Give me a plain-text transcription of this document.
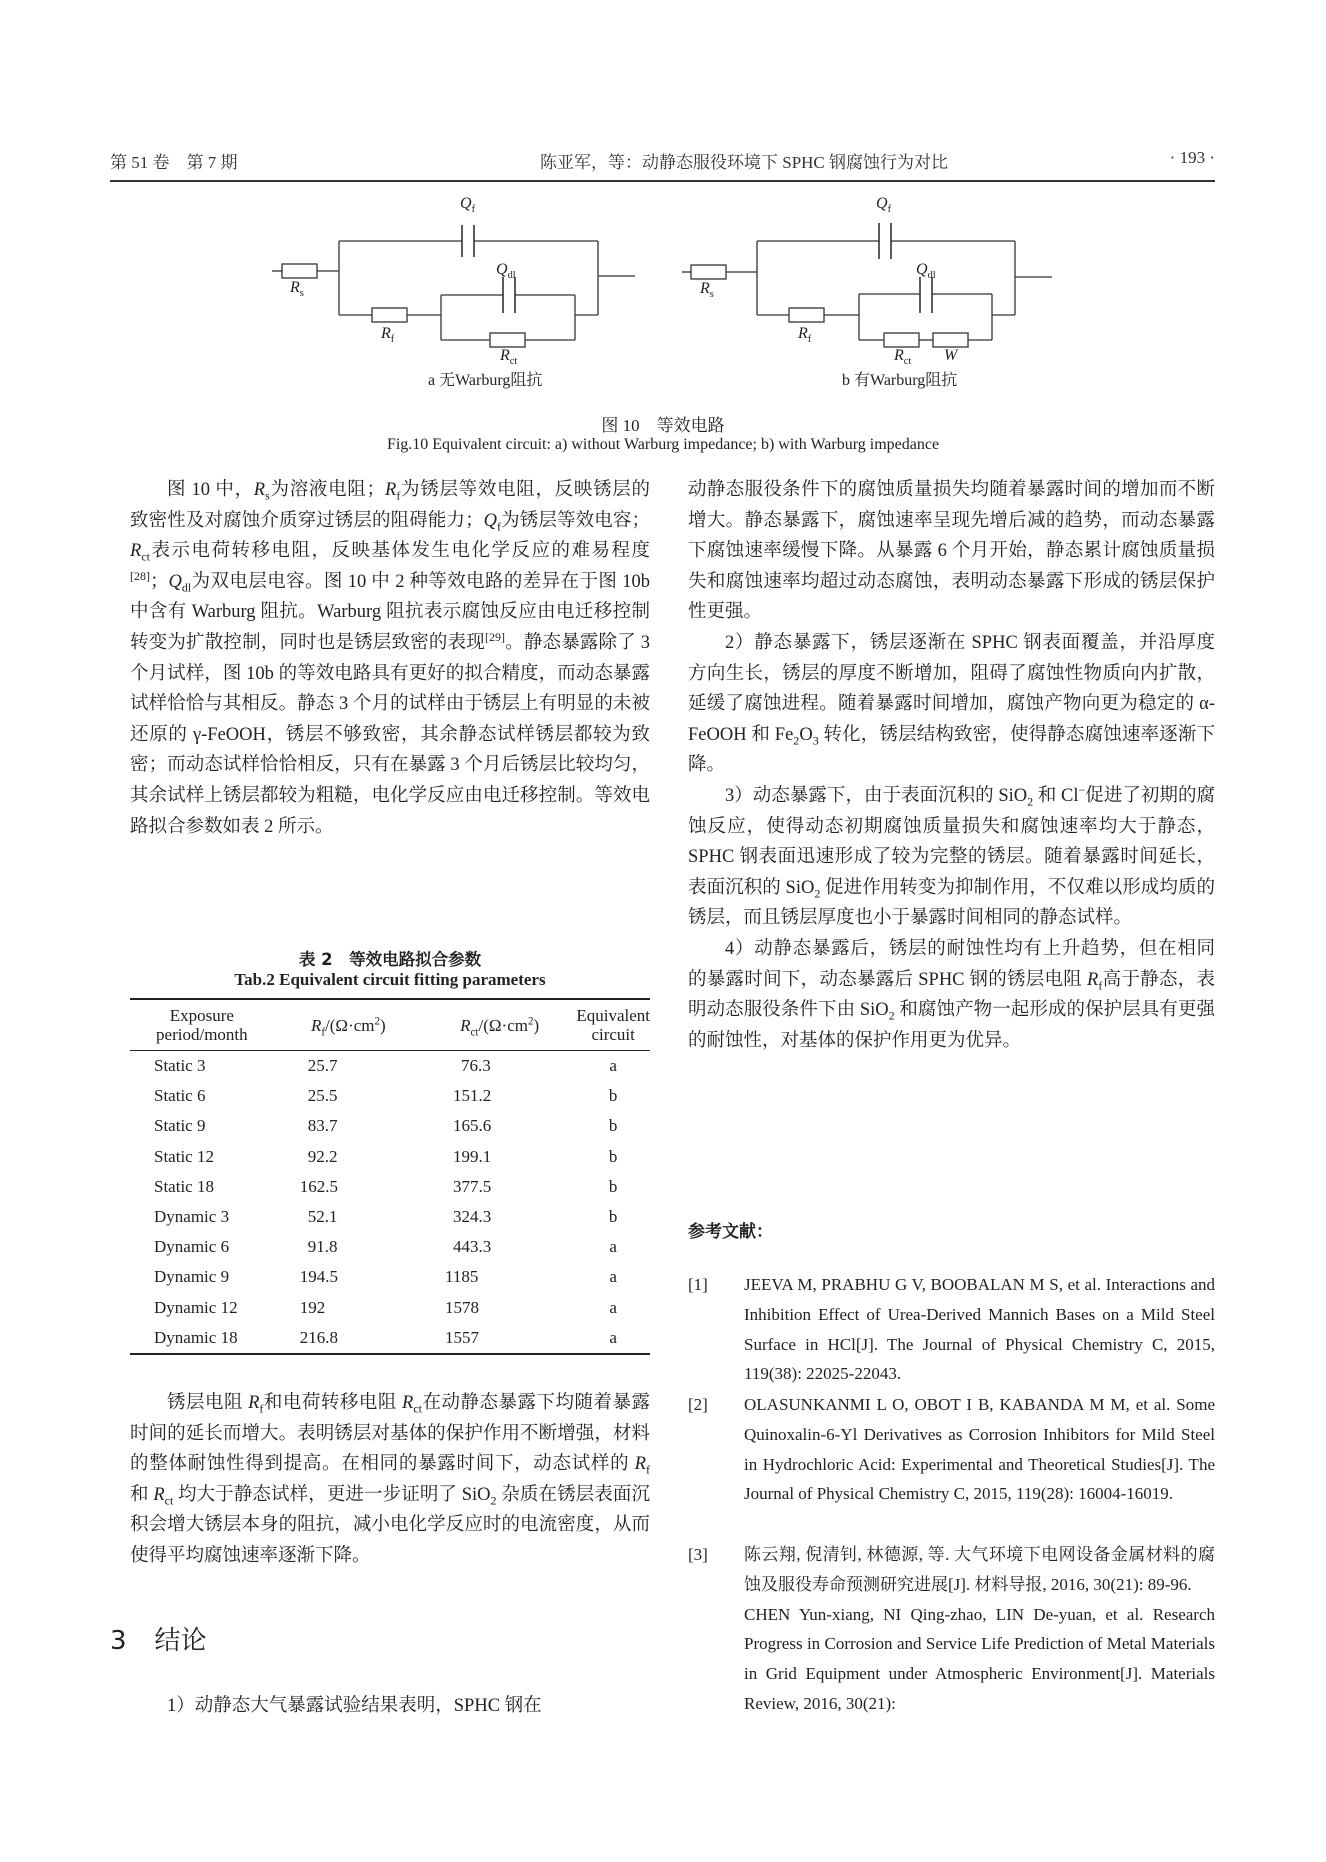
第 51 卷　第 7 期	陈亚军，等：动静态服役环境下 SPHC 钢腐蚀行为对比	· 193 ·
$Q_f$
$R_s$
$Q_{dl}$
$R_f$
$R_{ct}$
a 无Warburg阻抗
$Q_f$
$R_s$
$Q_{dl}$
$R_f$
$R_{ct}$ W
b 有Warburg阻抗
图 10　等效电路
Fig.10 Equivalent circuit: a) without Warburg impedance; b) with Warburg impedance

图 10 中，$R_s$为溶液电阻；$R_f$为锈层等效电阻，反映锈层的致密性及对腐蚀介质穿过锈层的阻碍能力；$Q_f$为锈层等效电容；$R_{ct}$表示电荷转移电阻，反映基体发生电化学反应的难易程度[28]；$Q_{dl}$为双电层电容。图 10 中 2 种等效电路的差异在于图 10b 中含有 Warburg 阻抗。Warburg 阻抗表示腐蚀反应由电迁移控制转变为扩散控制，同时也是锈层致密的表现[29]。静态暴露除了 3 个月试样，图 10b 的等效电路具有更好的拟合精度，而动态暴露试样恰恰与其相反。静态 3 个月的试样由于锈层上有明显的未被还原的 γ-FeOOH，锈层不够致密，其余静态试样锈层都较为致密；而动态试样恰恰相反，只有在暴露 3 个月后锈层比较均匀，其余试样上锈层都较为粗糙，电化学反应由电迁移控制。等效电路拟合参数如表 2 所示。

表 2　等效电路拟合参数
Tab.2 Equivalent circuit fitting parameters
Exposure
period/month	$R_f/(\Omega\cdot cm^2)$	$R_{ct}/(\Omega\cdot cm^2)$	Equivalent
circuit
Static 3	25.7	76.3	a
Static 6	25.5	151.2	b
Static 9	83.7	165.6	b
Static 12	92.2	199.1	b
Static 18	162.5	377.5	b
Dynamic 3	52.1	324.3	b
Dynamic 6	91.8	443.3	a
Dynamic 9	194.5	1185	a
Dynamic 12	192	1578	a
Dynamic 18	216.8	1557	a

锈层电阻 $R_f$和电荷转移电阻 $R_{ct}$在动静态暴露下均随着暴露时间的延长而增大。表明锈层对基体的保护作用不断增强，材料的整体耐蚀性得到提高。在相同的暴露时间下，动态试样的 $R_f$ 和 $R_{ct}$ 均大于静态试样，更进一步证明了 SiO$_2$ 杂质在锈层表面沉积会增大锈层本身的阻抗，减小电化学反应时的电流密度，从而使得平均腐蚀速率逐渐下降。

3 结论

1）动静态大气暴露试验结果表明，SPHC 钢在

动静态服役条件下的腐蚀质量损失均随着暴露时间的增加而不断增大。静态暴露下，腐蚀速率呈现先增后减的趋势，而动态暴露下腐蚀速率缓慢下降。从暴露 6 个月开始，静态累计腐蚀质量损失和腐蚀速率均超过动态腐蚀，表明动态暴露下形成的锈层保护性更强。

2）静态暴露下，锈层逐渐在 SPHC 钢表面覆盖，并沿厚度方向生长，锈层的厚度不断增加，阻碍了腐蚀性物质向内扩散，延缓了腐蚀进程。随着暴露时间增加，腐蚀产物向更为稳定的 α-FeOOH 和 $Fe_2O_3$ 转化，锈层结构致密，使得静态腐蚀速率逐渐下降。

3）动态暴露下，由于表面沉积的 SiO$_2$ 和 Cl−促进了初期的腐蚀反应，使得动态初期腐蚀质量损失和腐蚀速率均大于静态，SPHC 钢表面迅速形成了较为完整的锈层。随着暴露时间延长，表面沉积的 SiO$_2$ 促进作用转变为抑制作用，不仅难以形成均质的锈层，而且锈层厚度也小于暴露时间相同的静态试样。

4）动静态暴露后，锈层的耐蚀性均有上升趋势，但在相同的暴露时间下，动态暴露后 SPHC 钢的锈层电阻 $R_f$高于静态，表明动态服役条件下由 SiO$_2$ 和腐蚀产物一起形成的保护层具有更强的耐蚀性，对基体的保护作用更为优异。

参考文献：
[1] JEEVA M, PRABHU G V, BOOBALAN M S, et al. Interactions and Inhibition Effect of Urea-Derived Mannich Bases on a Mild Steel Surface in HCl[J]. The Journal of Physical Chemistry C, 2015, 119(38): 22025-22043.
[2] OLASUNKANMI L O, OBOT I B, KABANDA M M, et al. Some Quinoxalin-6-Yl Derivatives as Corrosion Inhibitors for Mild Steel in Hydrochloric Acid: Experimental and Theoretical Studies[J]. The Journal of Physical Chemistry C, 2015, 119(28): 16004-16019.
[3] 陈云翔, 倪清钊, 林德源, 等. 大气环境下电网设备金属材料的腐蚀及服役寿命预测研究进展[J]. 材料导报, 2016, 30(21): 89-96.
CHEN Yun-xiang, NI Qing-zhao, LIN De-yuan, et al. Research Progress in Corrosion and Service Life Prediction of Metal Materials in Grid Equipment under Atmospheric Environment[J]. Materials Review, 2016, 30(21):
